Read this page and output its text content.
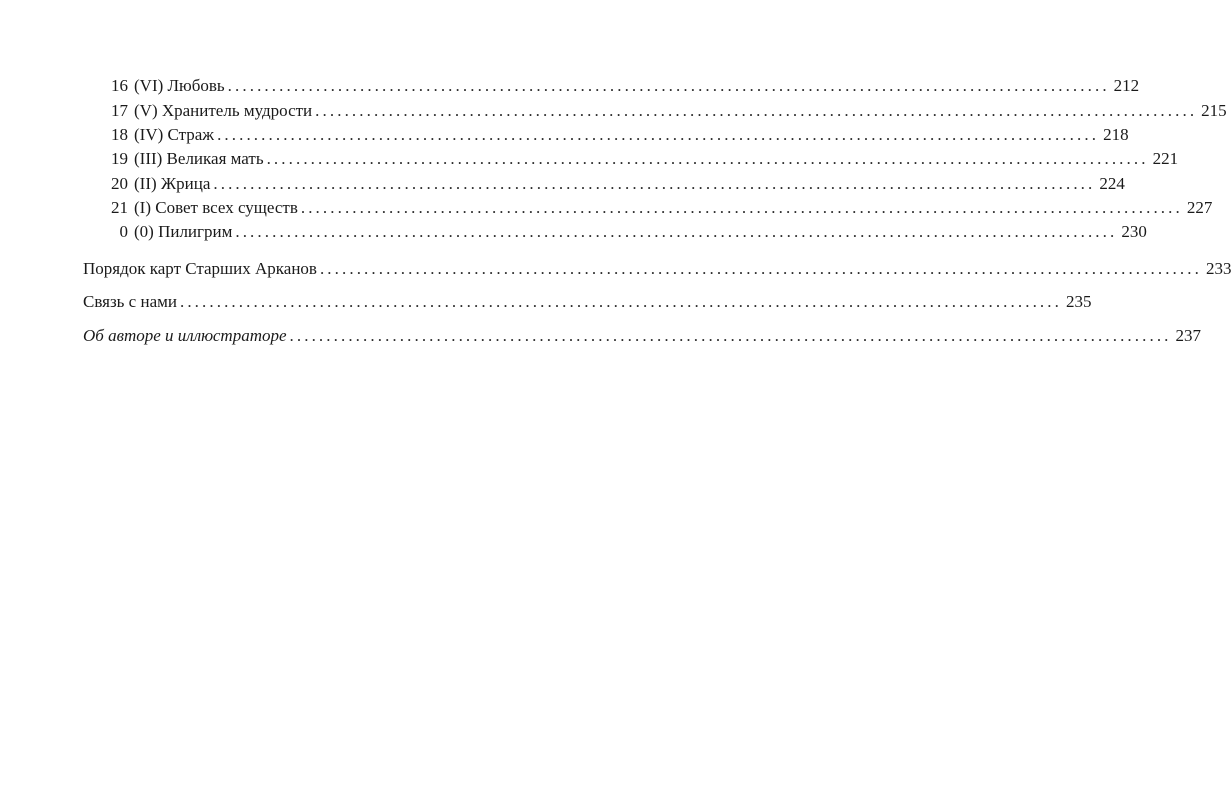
16 (VI) Любовь ........................................................................................................................ 212
17 (V) Хранитель мудрости ........................................................................................................................ 215
18 (IV) Страж ........................................................................................................................ 218
19 (III) Великая мать ........................................................................................................................ 221
20 (II) Жрица ........................................................................................................................ 224
21 (I) Совет всех существ ........................................................................................................................ 227
0 (0) Пилигрим ........................................................................................................................ 230
Порядок карт Старших Арканов ........................................................................................................................ 233
Связь с нами ........................................................................................................................ 235
Об авторе и иллюстраторе ........................................................................................................................ 237
